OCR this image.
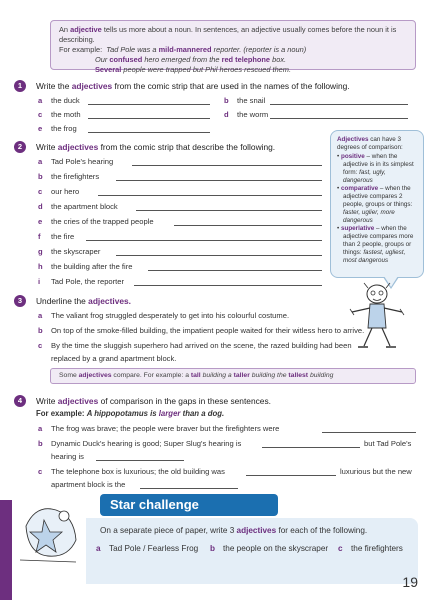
An adjective tells us more about a noun. In sentences, an adjective usually comes before the noun it is describing.
For example: Tad Pole was a mild-mannered reporter. (reporter is a noun)
Our confused hero emerged from the red telephone box.
Several people were trapped but Phil heroes rescued them.
1	Write the adjectives from the comic strip that are used in the names of the following.
a the duck	b the snail
c the moth	d the worm
e the frog
2	Write adjectives from the comic strip that describe the following.
a Tad Pole's hearing
b the firefighters
c our hero
d the apartment block
e the cries of the trapped people
f the fire
g the skyscraper
h the building after the fire
i Tad Pole, the reporter
Adjectives can have 3 degrees of comparison:
• positive – when the adjective is in its simplest form: fast, ugly, dangerous
• comparative – when the adjective compares 2 people, groups or things: faster, uglier, more dangerous
• superlative – when the adjective compares more than 2 people, groups or things: fastest, ugliest, most dangerous
3	Underline the adjectives.
a The valiant frog struggled desperately to get into his colourful costume.
b On top of the smoke-filled building, the impatient people waited for their witless hero to arrive.
c By the time the sluggish superhero had arrived on the scene, the razed building had been
replaced by a grand apartment block.
Some adjectives compare. For example: a tall building a taller building the tallest building
4	Write adjectives of comparison in the gaps in these sentences.
For example: A hippopotamus is larger than a dog.
a The frog was brave; the people were braver but the firefighters were
b Dynamic Duck's hearing is good; Super Slug's hearing is	but Tad Pole's
hearing is
c The telephone box is luxurious; the old building was	luxurious but the new
apartment block is the
Star challenge
On a separate piece of paper, write 3 adjectives for each of the following.
a Tad Pole / Fearless Frog b the people on the skyscraper c the firefighters
19
